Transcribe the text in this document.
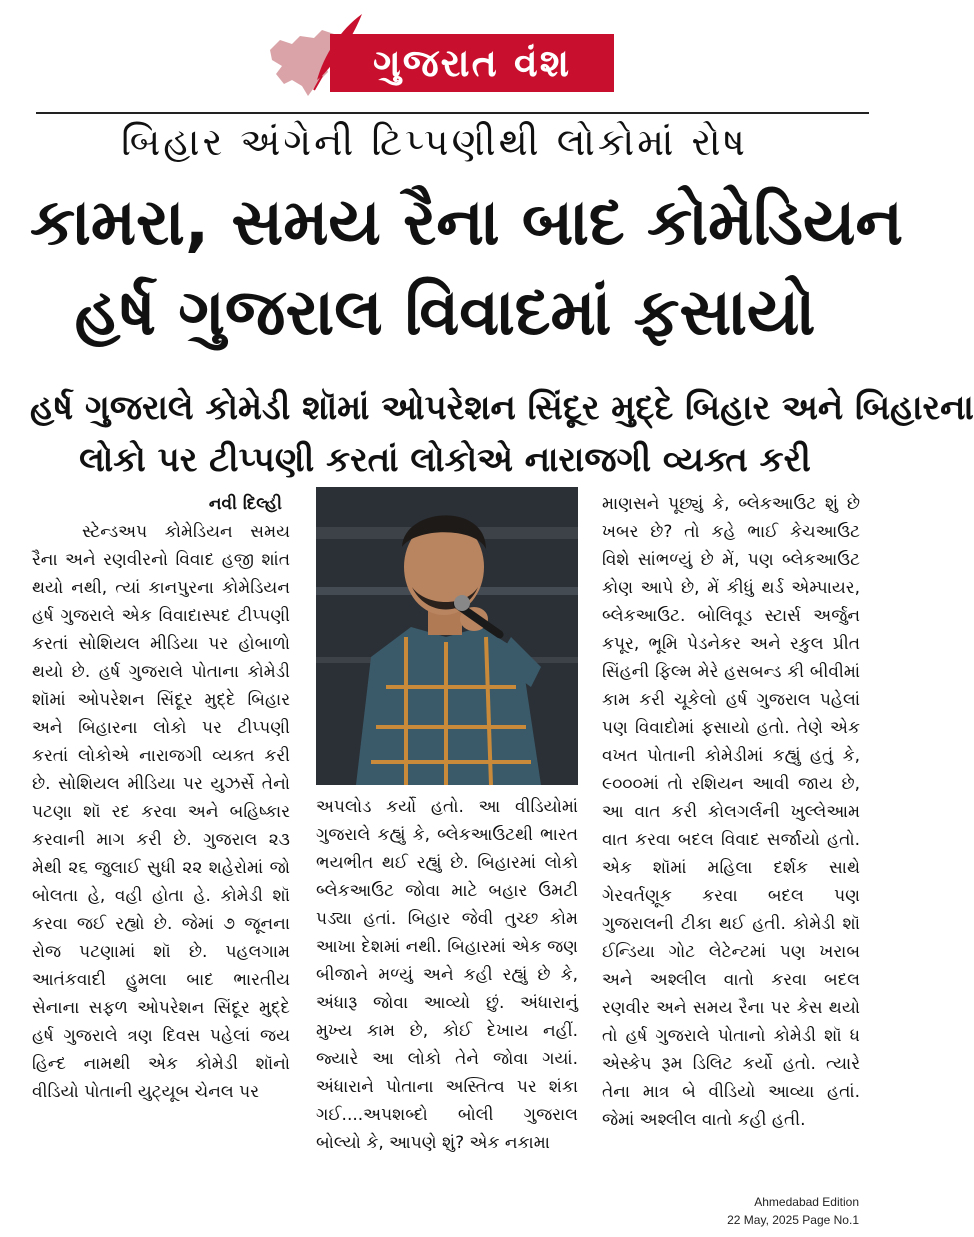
ગુજરાત વંશ
બિહાર અંગેની ટિપ્પણીથી લોકોમાં રોષ
કામરા, સમય રૈના બાદ કોમેડિયન
હર્ષ ગુજરાલ વિવાદમાં ફસાયો
હર્ષ ગુજરાલે કોમેડી શૉમાં ઓપરેશન સિંદૂર મુદ્દે બિહાર અને બિહારના
લોકો પર ટીપ્પણી કરતાં લોકોએ નારાજગી વ્યક્ત કરી

નવી દિલ્હી

સ્ટેન્ડઅપ કોમેડિયન સમય રૈના અને રણવીરનો વિવાદ હજી શાંત થયો નથી, ત્યાં કાનપુરના કોમેડિયન હર્ષ ગુજરાલે એક વિવાદાસ્પદ ટીપ્પણી કરતાં સોશિયલ મીડિયા પર હોબાળો થયો છે. હર્ષ ગુજરાલે પોતાના કોમેડી શૉમાં ઓપરેશન સિંદૂર મુદ્દે બિહાર અને બિહારના લોકો પર ટીપ્પણી કરતાં લોકોએ નારાજગી વ્યક્ત કરી છે. સોશિયલ મીડિયા પર યુઝર્સે તેનો પટણા શૉ રદ કરવા અને બહિષ્કાર કરવાની માગ કરી છે. ગુજરાલ ૨૩ મેથી ૨૬ જુલાઈ સુધી ૨૨ શહેરોમાં જો બોલતા હે, વહી હોતા હે. કોમેડી શૉ કરવા જઈ રહ્યો છે. જેમાં ૭ જૂનના રોજ પટણામાં શૉ છે. પહલગામ આતંકવાદી હુમલા બાદ ભારતીય સેનાના સફળ ઓપરેશન સિંદૂર મુદ્દે હર્ષ ગુજરાલે ત્રણ દિવસ પહેલાં જય હિન્દ નામથી એક કોમેડી શૉનો વીડિયો પોતાની યુટ્યૂબ ચેનલ પર

અપલોડ કર્યો હતો. આ વીડિયોમાં ગુજરાલે કહ્યું કે, બ્લેકઆઉટથી ભારત ભયભીત થઈ રહ્યું છે. બિહારમાં લોકો બ્લેકઆઉટ જોવા માટે બહાર ઉમટી પડ્યા હતાં. બિહાર જેવી તુચ્છ કોમ આખા દેશમાં નથી. બિહારમાં એક જણ બીજાને મળ્યું અને કહી રહ્યું છે કે, અંધારૂ જોવા આવ્યો છું. અંધારાનું મુખ્ય કામ છે, કોઈ દેખાય નહીં. જ્યારે આ લોકો તેને જોવા ગયાં. અંધારાને પોતાના અસ્તિત્વ પર શંકા ગઈ....અપશબ્દો બોલી ગુજરાલ બોલ્યો કે, આપણે શું? એક નકામા

માણસને પૂછ્યું કે, બ્લેકઆઉટ શું છે ખબર છે? તો કહે ભાઈ કેચઆઉટ વિશે સાંભળ્યું છે મેં, પણ બ્લેકઆઉટ કોણ આપે છે, મેં કીધું થર્ડ એમ્પાયર, બ્લેકઆઉટ. બોલિવૂડ સ્ટાર્સ અર્જુન કપૂર, ભૂમિ પેડનેકર અને રકુલ પ્રીત સિંહની ફિલ્મ મેરે હસબન્ડ કી બીવીમાં કામ કરી ચૂકેલો હર્ષ ગુજરાલ પહેલાં પણ વિવાદોમાં ફસાયો હતો. તેણે એક વખત પોતાની કોમેડીમાં કહ્યું હતું કે, ૯૦૦૦માં તો રશિયન આવી જાય છે, આ વાત કરી કોલગર્લની ખુલ્લેઆમ વાત કરવા બદલ વિવાદ સર્જાયો હતો. એક શૉમાં મહિલા દર્શક સાથે ગેરવર્તણૂક કરવા બદલ પણ ગુજરાલની ટીકા થઈ હતી. કોમેડી શૉ ઈન્ડિયા ગોટ લેટેન્ટમાં પણ ખરાબ અને અશ્લીલ વાતો કરવા બદલ રણવીર અને સમય રૈના પર કેસ થયો તો હર્ષ ગુજરાલે પોતાનો કોમેડી શૉ ધ એસ્કેપ રૂમ ડિલિટ કર્યો હતો. ત્યારે તેના માત્ર બે વીડિયો આવ્યા હતાં. જેમાં અશ્લીલ વાતો કહી હતી.

Ahmedabad Edition
22 May, 2025 Page No.1
